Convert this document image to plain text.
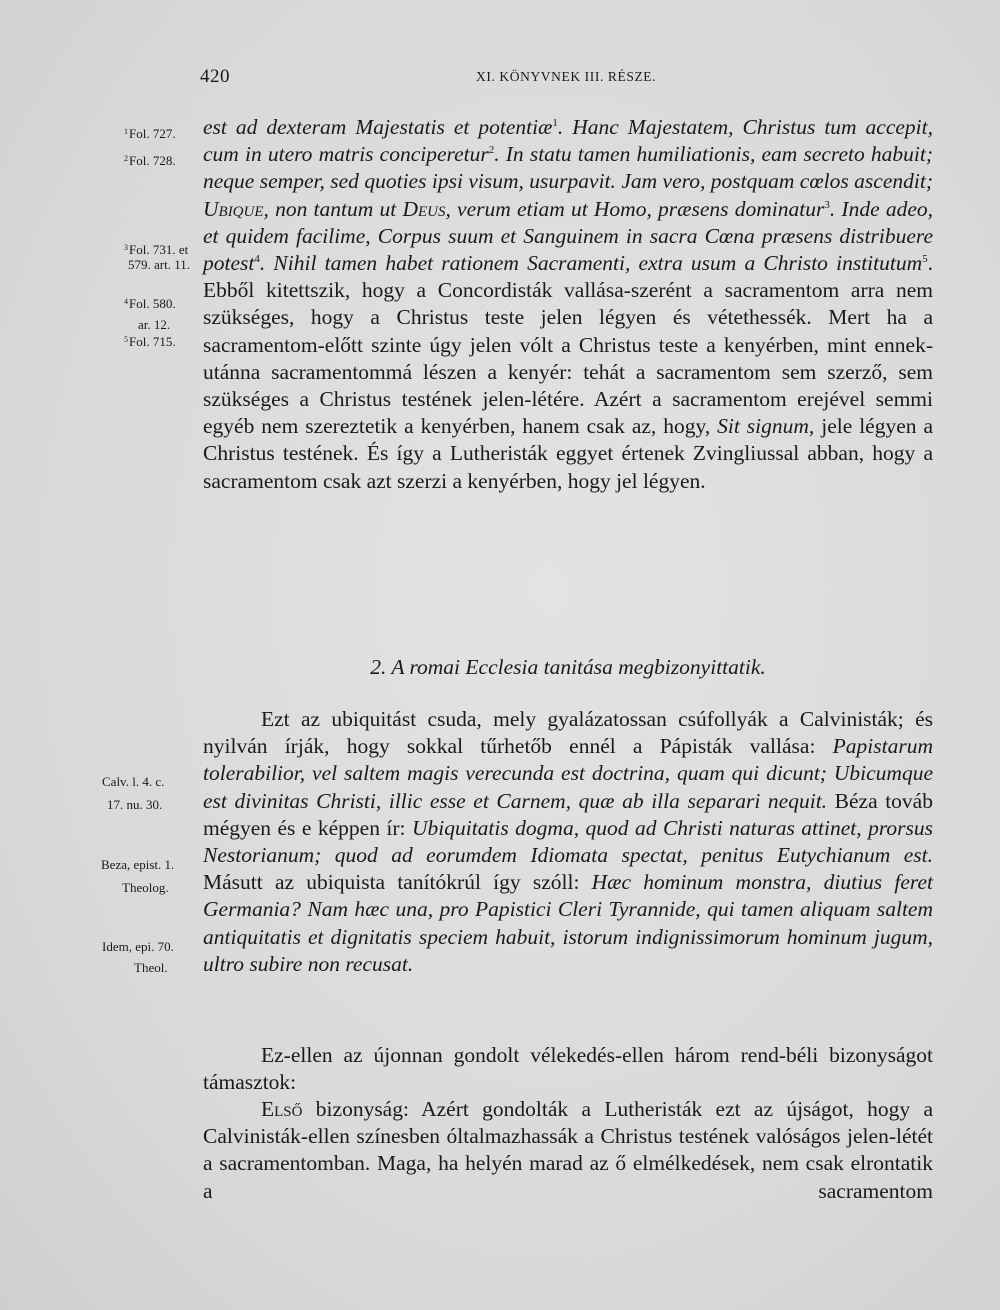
420	XI. KÖNYVNEK III. RÉSZE.
$^1$Fol. 727.
$^2$Fol. 728.
$^3$Fol. 731. et
579. art. 11.
$^4$Fol. 580.
ar. 12.
$^5$Fol. 715.
Calv. l. 4. c.
17. nu. 30.
Beza, epist. 1.
Theolog.
Idem, epi. 70.
Theol.

est ad dexteram Majestatis et potentiæ$^1$. Hanc Majestatem, Christus tum accepit, cum in utero matris conciperetur$^2$. In statu tamen humiliationis, eam secreto habuit; neque semper, sed quoties ipsi visum, usurpavit. Jam vero, postquam cœlos ascendit; Ubique, non tantum ut Deus, verum etiam ut Homo, præsens dominatur$^3$. Inde adeo, et quidem facilime, Corpus suum et Sanguinem in sacra Cœna præsens distribuere potest$^4$. Nihil tamen habet rationem Sacramenti, extra usum a Christo institutum$^5$. Ebből kitettszik, hogy a Concordisták vallása-szerént a sacramentom arra nem szükséges, hogy a Christus teste jelen légyen és vétethessék. Mert ha a sacramentom-előtt szinte úgy jelen vólt a Christus teste a kenyérben, mint ennek-utánna sacramentommá lészen a kenyér: tehát a sacramentom sem szerző, sem szükséges a Christus testének jelen-létére. Azért a sacramentom erejével semmi egyéb nem szereztetik a kenyérben, hanem csak az, hogy, Sit signum, jele légyen a Christus testének. És így a Lutheristák eggyet értenek Zvingliussal abban, hogy a sacramentom csak azt szerzi a kenyérben, hogy jel légyen.

2. A romai Ecclesia tanitása megbizonyittatik.

Ezt az ubiquitást csuda, mely gyalázatossan csúfollyák a Calvinisták; és nyilván írják, hogy sokkal tűrhetőb ennél a Pápisták vallása: Papistarum tolerabilior, vel saltem magis verecunda est doctrina, quam qui dicunt; Ubicumque est divinitas Christi, illic esse et Carnem, quæ ab illa separari nequit. Béza továb mégyen és e képpen ír: Ubiquitatis dogma, quod ad Christi naturas attinet, prorsus Nestorianum; quod ad eorumdem Idiomata spectat, penitus Eutychianum est. Másutt az ubiquista tanítókrúl így szóll: Hæc hominum monstra, diutius feret Germania? Nam hæc una, pro Papistici Cleri Tyrannide, qui tamen aliquam saltem antiquitatis et dignitatis speciem habuit, istorum indignissimorum hominum jugum, ultro subire non recusat.

Ez-ellen az újonnan gondolt vélekedés-ellen három rend-béli bizonyságot támasztok:

Első bizonyság: Azért gondolták a Lutheristák ezt az újságot, hogy a Calvinisták-ellen színesben óltalmazhassák a Christus testének valóságos jelen-létét a sacramentomban. Maga, ha helyén marad az ő elmélkedések, nem csak elrontatik a sacramentom
